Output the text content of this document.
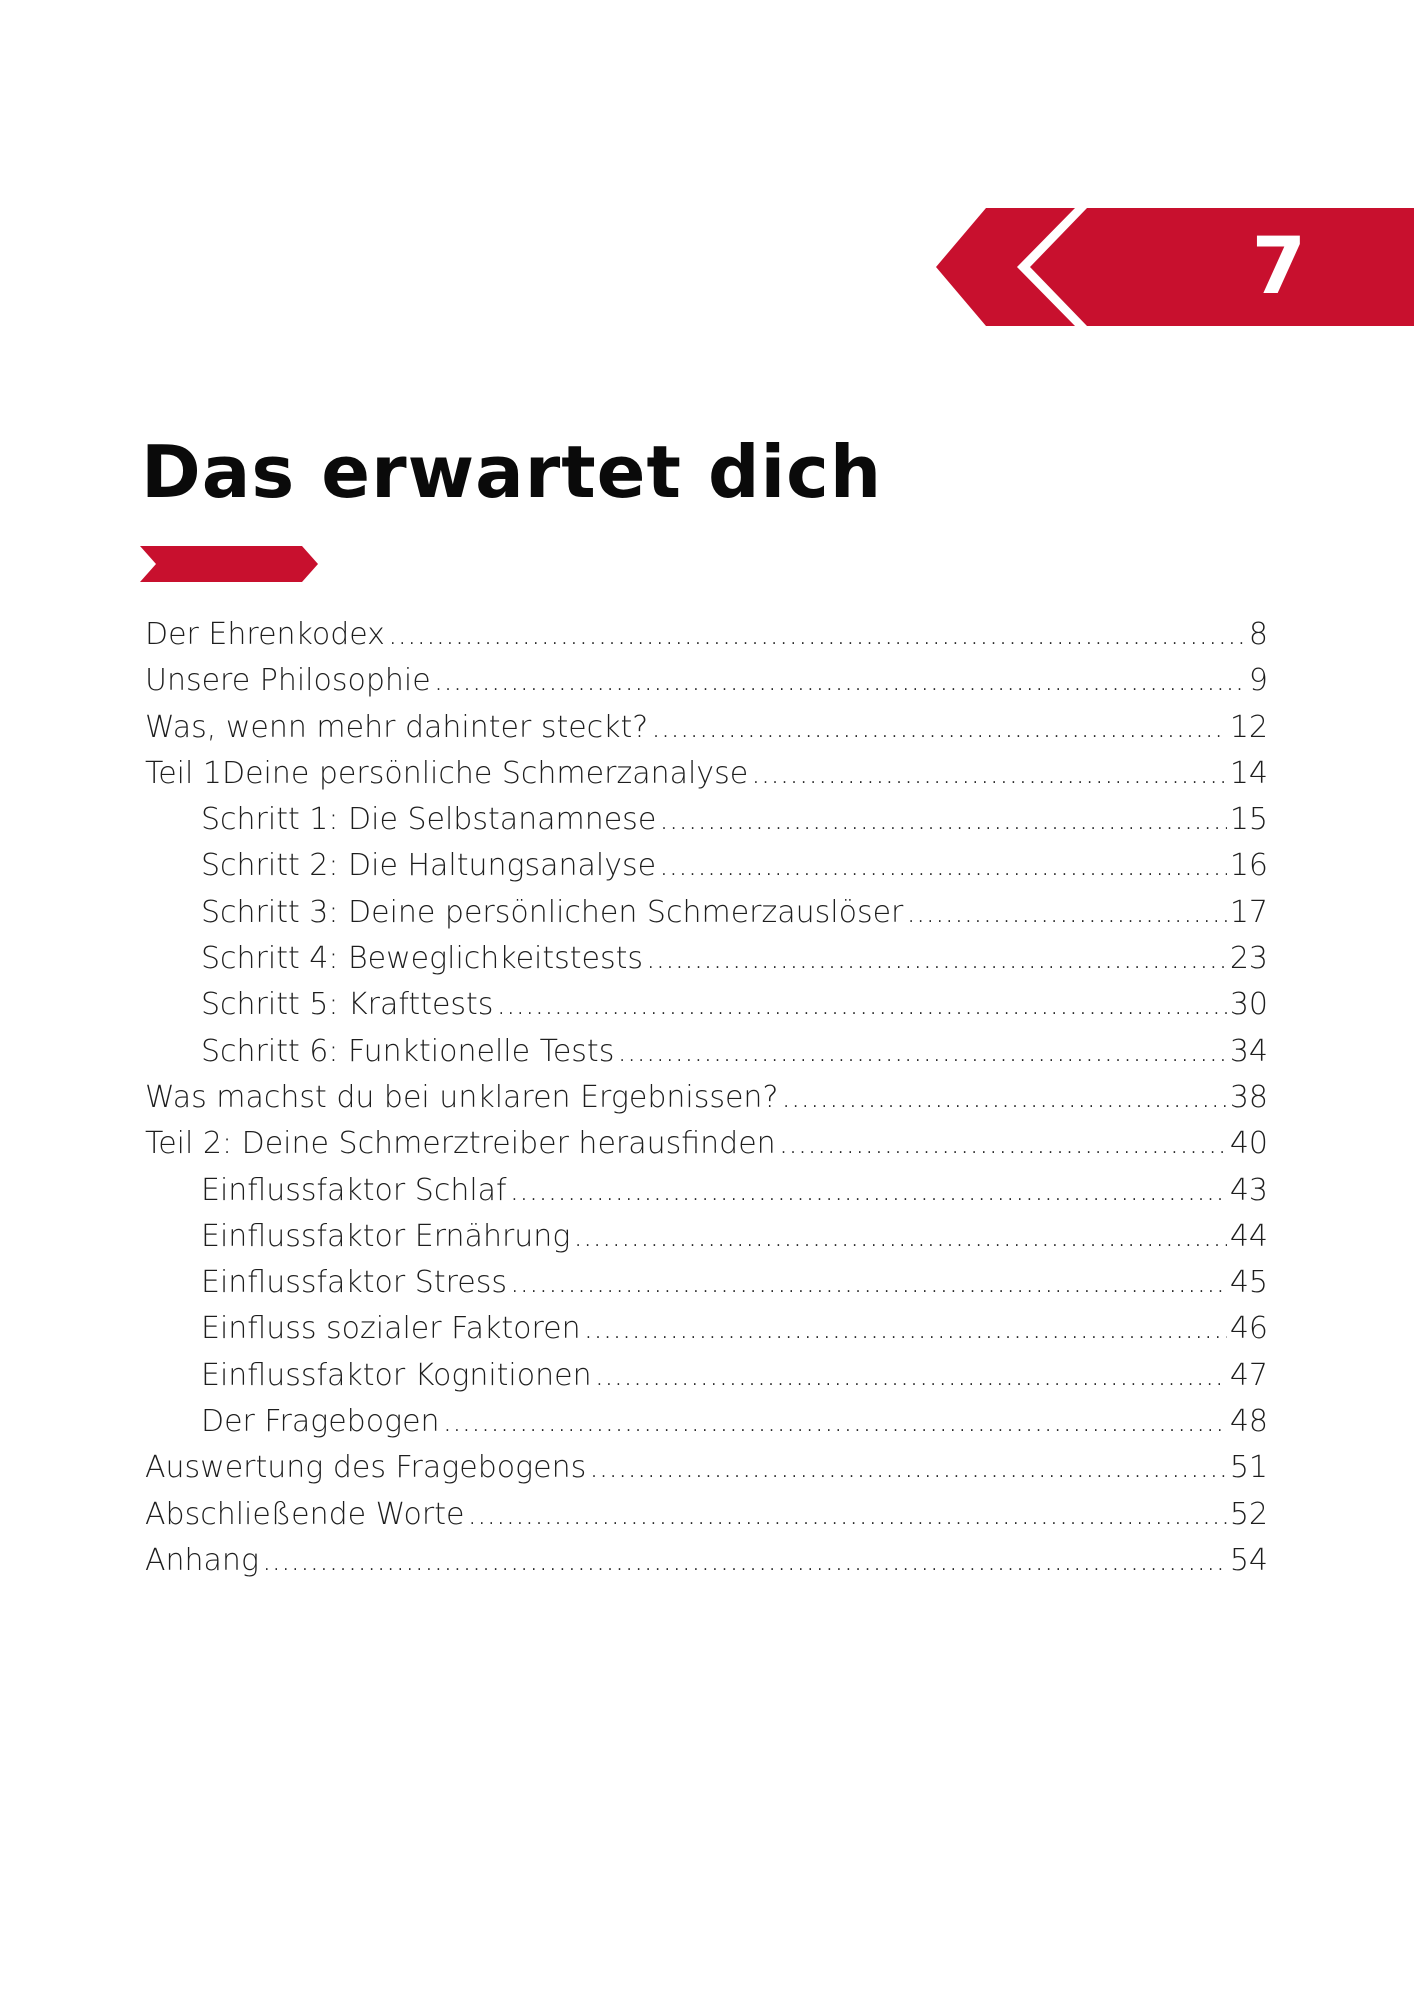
7
Das erwartet dich
Der Ehrenkodex .....	8
Unsere Philosophie .....	9
Was, wenn mehr dahinter steckt? .....	12
Teil 1Deine persönliche Schmerzanalyse .....	14
Schritt 1: Die Selbstanamnese .....	15
Schritt 2: Die Haltungsanalyse .....	16
Schritt 3: Deine persönlichen Schmerzauslöser .....	17
Schritt 4: Beweglichkeitstests .....	23
Schritt 5: Krafttests .....	30
Schritt 6: Funktionelle Tests .....	34
Was machst du bei unklaren Ergebnissen? .....	38
Teil 2: Deine Schmerztreiber herausfinden .....	40
Einflussfaktor Schlaf .....	43
Einflussfaktor Ernährung .....	44
Einflussfaktor Stress .....	45
Einfluss sozialer Faktoren .....	46
Einflussfaktor Kognitionen .....	47
Der Fragebogen .....	48
Auswertung des Fragebogens .....	51
Abschließende Worte .....	52
Anhang .....	54
